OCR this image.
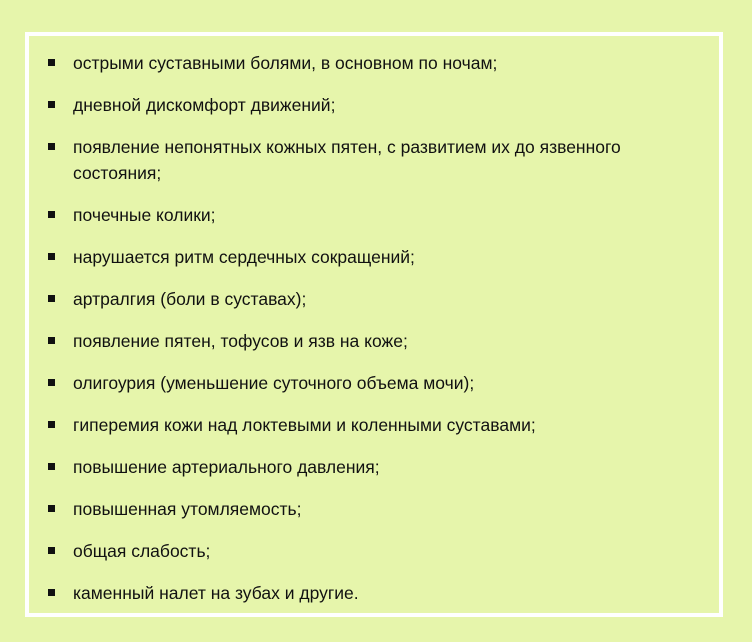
острыми суставными болями, в основном по ночам;
дневной дискомфорт движений;
появление непонятных кожных пятен, с развитием их до язвенного состояния;
почечные колики;
нарушается ритм сердечных сокращений;
артралгия (боли в суставах);
появление пятен, тофусов и язв на коже;
олигоурия (уменьшение суточного объема мочи);
гиперемия кожи над локтевыми и коленными суставами;
повышение артериального давления;
повышенная утомляемость;
общая слабость;
каменный налет на зубах и другие.
